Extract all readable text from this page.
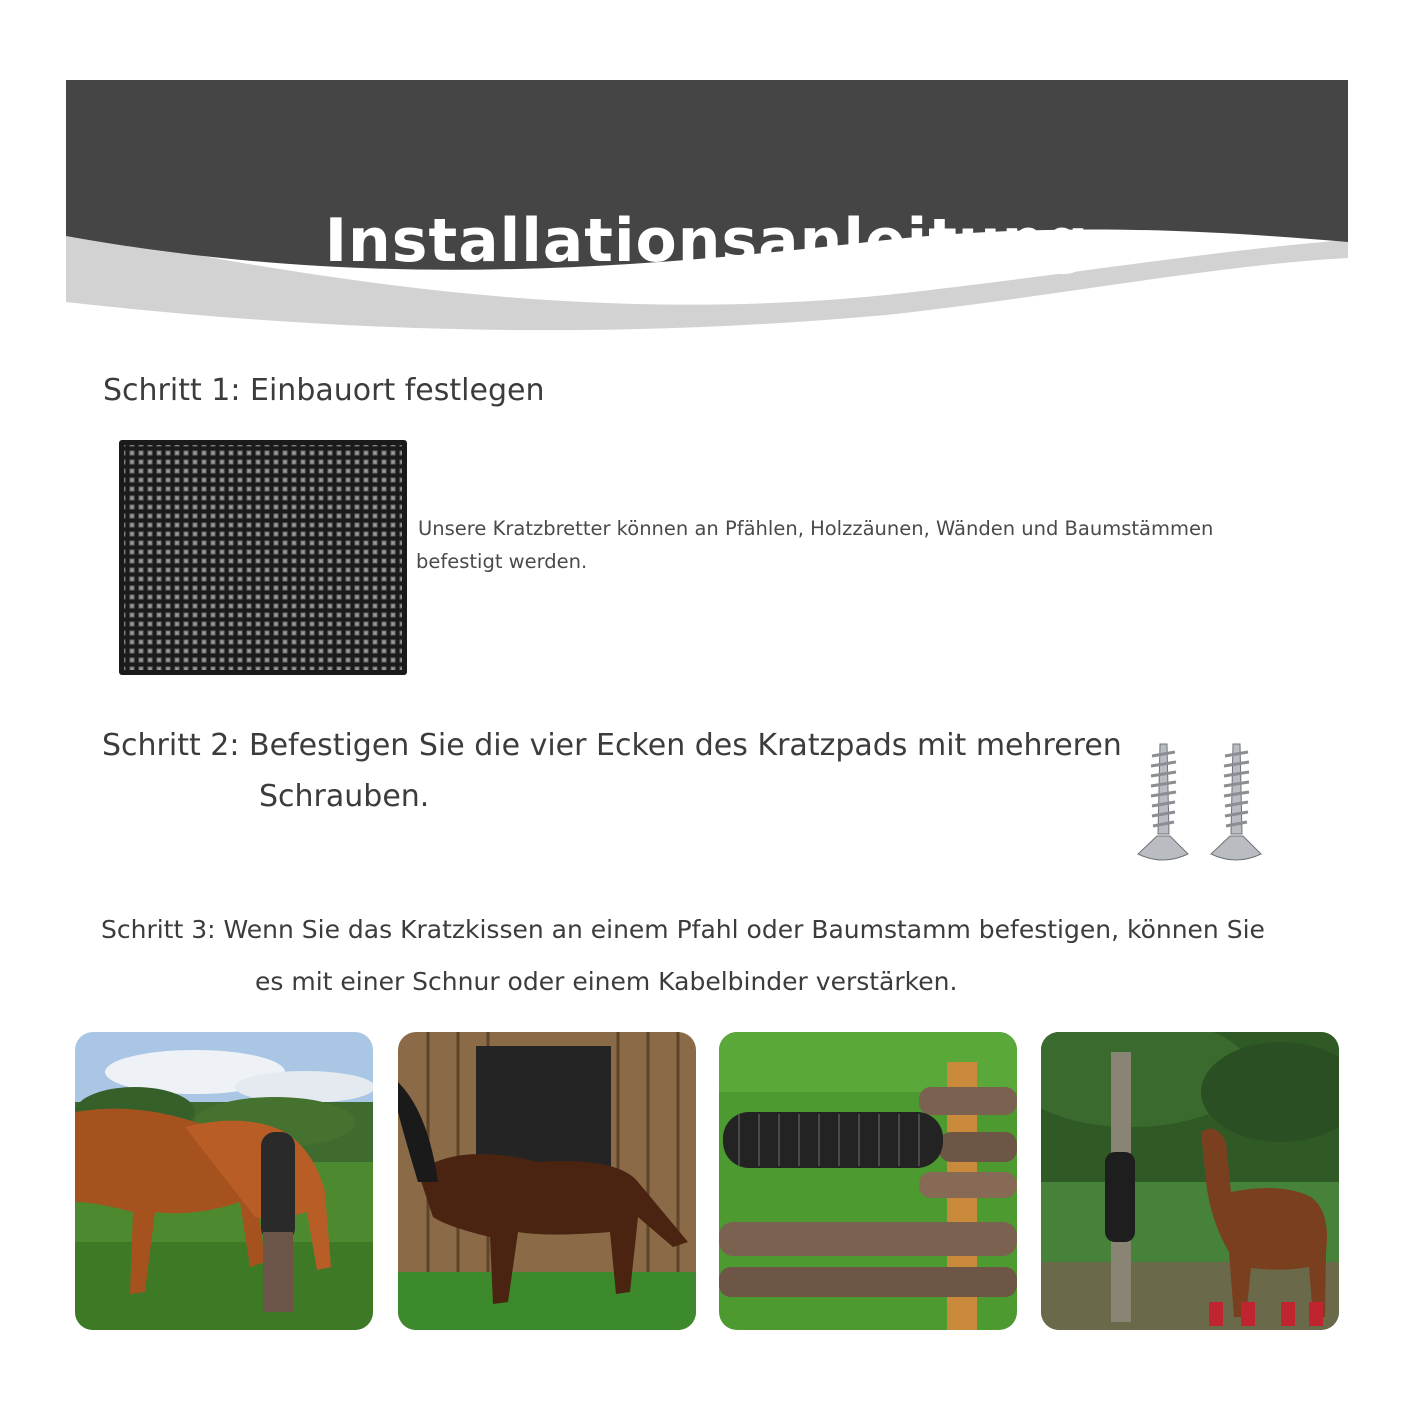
Installationsanleitung
Schritt 1: Einbauort festlegen
Unsere Kratzbretter können an Pfählen, Holzzäunen, Wänden und Baumstämmen
befestigt werden.
Schritt 2: Befestigen Sie die vier Ecken des Kratzpads mit mehreren
Schrauben.
Schritt 3: Wenn Sie das Kratzkissen an einem Pfahl oder Baumstamm befestigen, können Sie
es mit einer Schnur oder einem Kabelbinder verstärken.
